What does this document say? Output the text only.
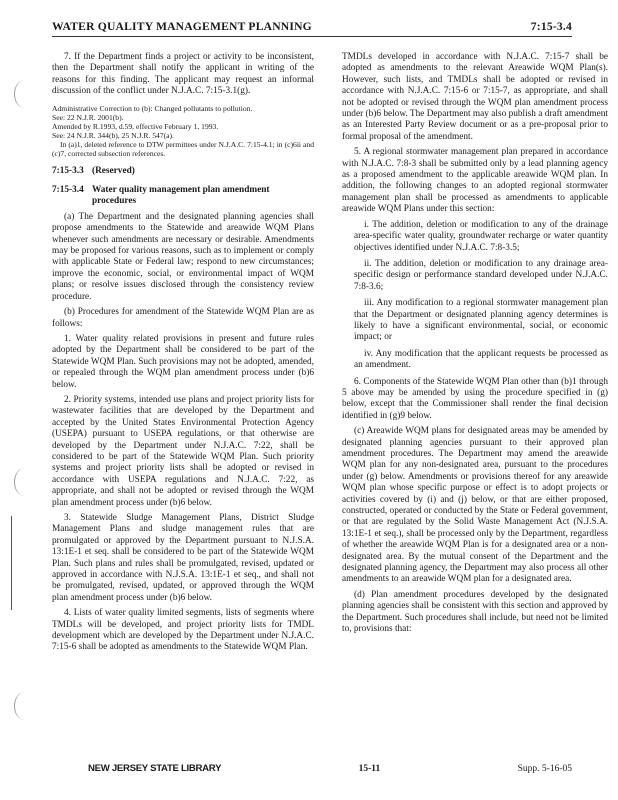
WATER QUALITY MANAGEMENT PLANNING	7:15-3.4

7. If the Department finds a project or activity to be inconsistent, then the Department shall notify the applicant in writing of the reasons for this finding. The applicant may request an informal discussion of the conflict under N.J.A.C. 7:15-3.1(g).

Administrative Correction to (b): Changed pollutants to pollution.
See: 22 N.J.R. 2001(b).
Amended by R.1993, d.59, effective February 1, 1993.
See: 24 N.J.R. 344(b), 25 N.J.R. 547(a).
In (a)1, deleted reference to DTW permittees under N.J.A.C. 7:15-4.1; in (c)6ii and (c)7, corrected subsection references.
7:15-3.3 (Reserved)
7:15-3.4 Water quality management plan amendment procedures

(a) The Department and the designated planning agencies shall propose amendments to the Statewide and areawide WQM Plans whenever such amendments are necessary or desirable. Amendments may be proposed for various reasons, such as to implement or comply with applicable State or Federal law; respond to new circumstances; improve the economic, social, or environmental impact of WQM plans; or resolve issues disclosed through the consistency review procedure.

(b) Procedures for amendment of the Statewide WQM Plan are as follows:

1. Water quality related provisions in present and future rules adopted by the Department shall be considered to be part of the Statewide WQM Plan. Such provisions may not be adopted, amended, or repealed through the WQM plan amendment process under (b)6 below.

2. Priority systems, intended use plans and project priority lists for wastewater facilities that are developed by the Department and accepted by the United States Environmental Protection Agency (USEPA) pursuant to USEPA regulations, or that otherwise are developed by the Department under N.J.A.C. 7:22, shall be considered to be part of the Statewide WQM Plan. Such priority systems and project priority lists shall be adopted or revised in accordance with USEPA regulations and N.J.A.C. 7:22, as appropriate, and shall not be adopted or revised through the WQM plan amendment process under (b)6 below.

3. Statewide Sludge Management Plans, District Sludge Management Plans and sludge management rules that are promulgated or approved by the Department pursuant to N.J.S.A. 13:1E-1 et seq. shall be considered to be part of the Statewide WQM Plan. Such plans and rules shall be promulgated, revised, updated or approved in accordance with N.J.S.A. 13:1E-1 et seq., and shall not be promulgated, revised, updated, or approved through the WQM plan amendment process under (b)6 below.

4. Lists of water quality limited segments, lists of segments where TMDLs will be developed, and project priority lists for TMDL development which are developed by the Department under N.J.A.C. 7:15-6 shall be adopted as amendments to the Statewide WQM Plan.

TMDLs developed in accordance with N.J.A.C. 7:15-7 shall be adopted as amendments to the relevant Areawide WQM Plan(s). However, such lists, and TMDLs shall be adopted or revised in accordance with N.J.A.C. 7:15-6 or 7:15-7, as appropriate, and shall not be adopted or revised through the WQM plan amendment process under (b)6 below. The Department may also publish a draft amendment as an Interested Party Review document or as a pre-proposal prior to formal proposal of the amendment.

5. A regional stormwater management plan prepared in accordance with N.J.A.C. 7:8-3 shall be submitted only by a lead planning agency as a proposed amendment to the applicable areawide WQM plan. In addition, the following changes to an adopted regional stormwater management plan shall be processed as amendments to applicable areawide WQM Plans under this section:

i. The addition, deletion or modification to any of the drainage area-specific water quality, groundwater recharge or water quantity objectives identified under N.J.A.C. 7:8-3.5;

ii. The addition, deletion or modification to any drainage area-specific design or performance standard developed under N.J.A.C. 7:8-3.6;

iii. Any modification to a regional stormwater management plan that the Department or designated planning agency determines is likely to have a significant environmental, social, or economic impact; or

iv. Any modification that the applicant requests be processed as an amendment.

6. Components of the Statewide WQM Plan other than (b)1 through 5 above may be amended by using the procedure specified in (g) below, except that the Commissioner shall render the final decision identified in (g)9 below.

(c) Areawide WQM plans for designated areas may be amended by designated planning agencies pursuant to their approved plan amendment procedures. The Department may amend the areawide WQM plan for any non-designated area, pursuant to the procedures under (g) below. Amendments or provisions thereof for any areawide WQM plan whose specific purpose or effect is to adopt projects or activities covered by (i) and (j) below, or that are either proposed, constructed, operated or conducted by the State or Federal government, or that are regulated by the Solid Waste Management Act (N.J.S.A. 13:1E-1 et seq.), shall be processed only by the Department, regardless of whether the areawide WQM Plan is for a designated area or a non-designated area. By the mutual consent of the Department and the designated planning agency, the Department may also process all other amendments to an areawide WQM plan for a designated area.

(d) Plan amendment procedures developed by the designated planning agencies shall be consistent with this section and approved by the Department. Such procedures shall include, but need not be limited to, provisions that:

NEW JERSEY STATE LIBRARY	15-11	Supp. 5-16-05
